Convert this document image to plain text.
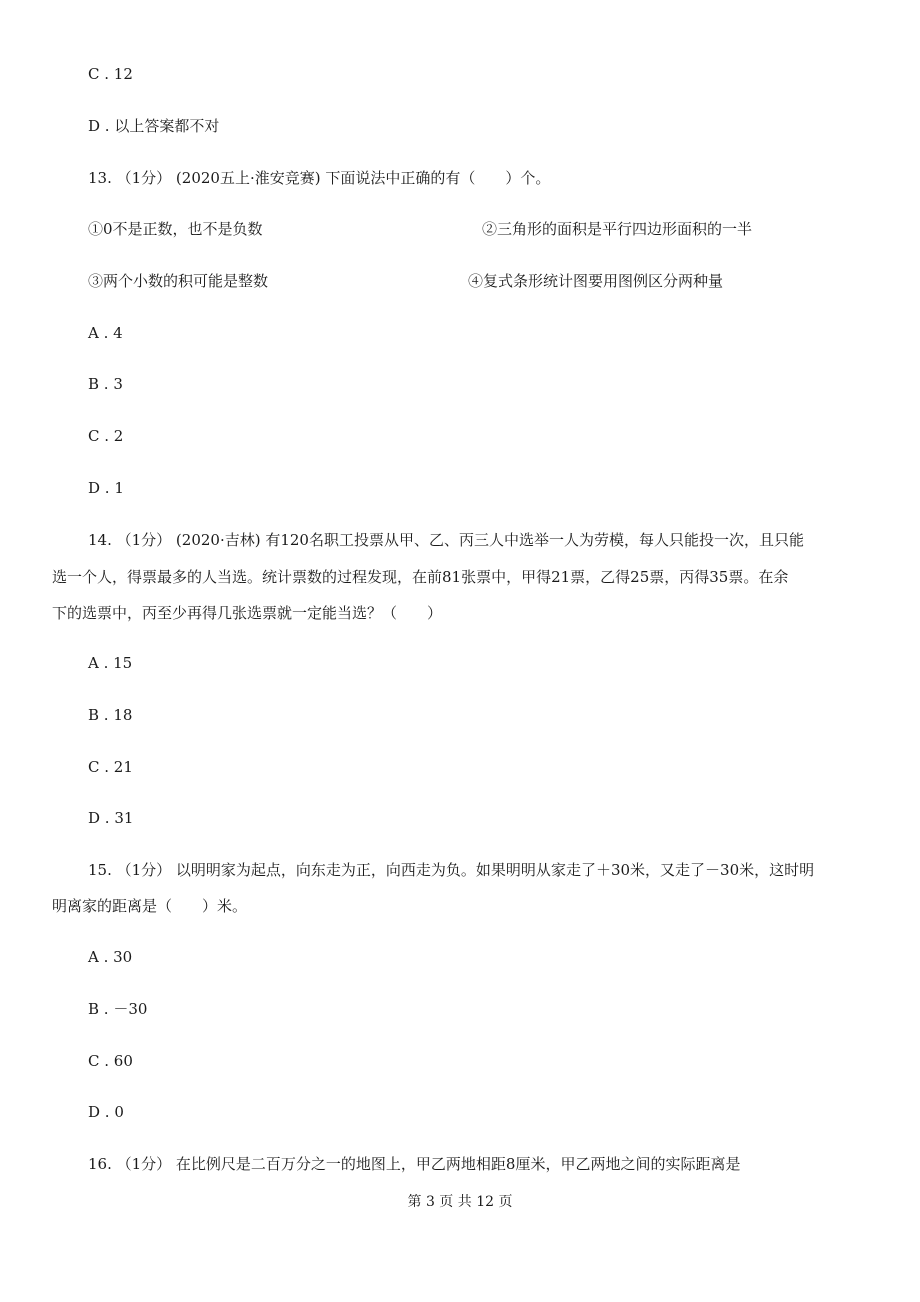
C . 12
D . 以上答案都不对
13. （1分） (2020五上·淮安竞赛) 下面说法中正确的有（　　）个。
①0不是正数，也不是负数	②三角形的面积是平行四边形面积的一半
③两个小数的积可能是整数	④复式条形统计图要用图例区分两种量
A . 4
B . 3
C . 2
D . 1
14. （1分） (2020·吉林) 有120名职工投票从甲、乙、丙三人中选举一人为劳模，每人只能投一次，且只能
选一个人，得票最多的人当选。统计票数的过程发现，在前81张票中，甲得21票，乙得25票，丙得35票。在余
下的选票中，丙至少再得几张选票就一定能当选？（　　）
A . 15
B . 18
C . 21
D . 31
15. （1分） 以明明家为起点，向东走为正，向西走为负。如果明明从家走了＋30米，又走了－30米，这时明
明离家的距离是（　　）米。
A . 30
B . －30
C . 60
D . 0
16. （1分） 在比例尺是二百万分之一的地图上，甲乙两地相距8厘米，甲乙两地之间的实际距离是
第 3 页 共 12 页
